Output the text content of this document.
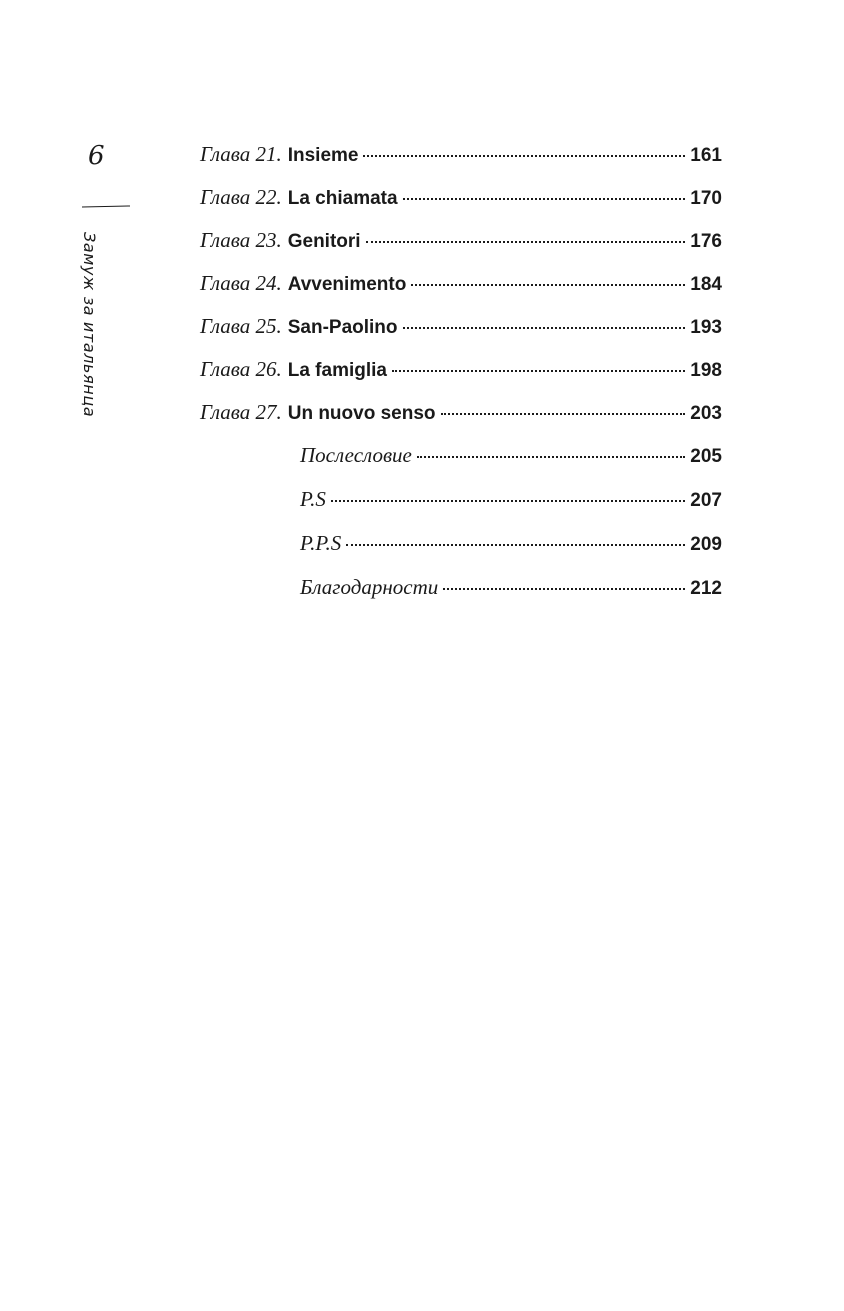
6
Замуж за итальянца
Глава 21. Insieme	161
Глава 22. La chiamata	170
Глава 23. Genitori	176
Глава 24. Avvenimento	184
Глава 25. San-Paolino	193
Глава 26. La famiglia	198
Глава 27. Un nuovo senso	203
Послесловие	205
P.S	207
P.P.S	209
Благодарности	212
